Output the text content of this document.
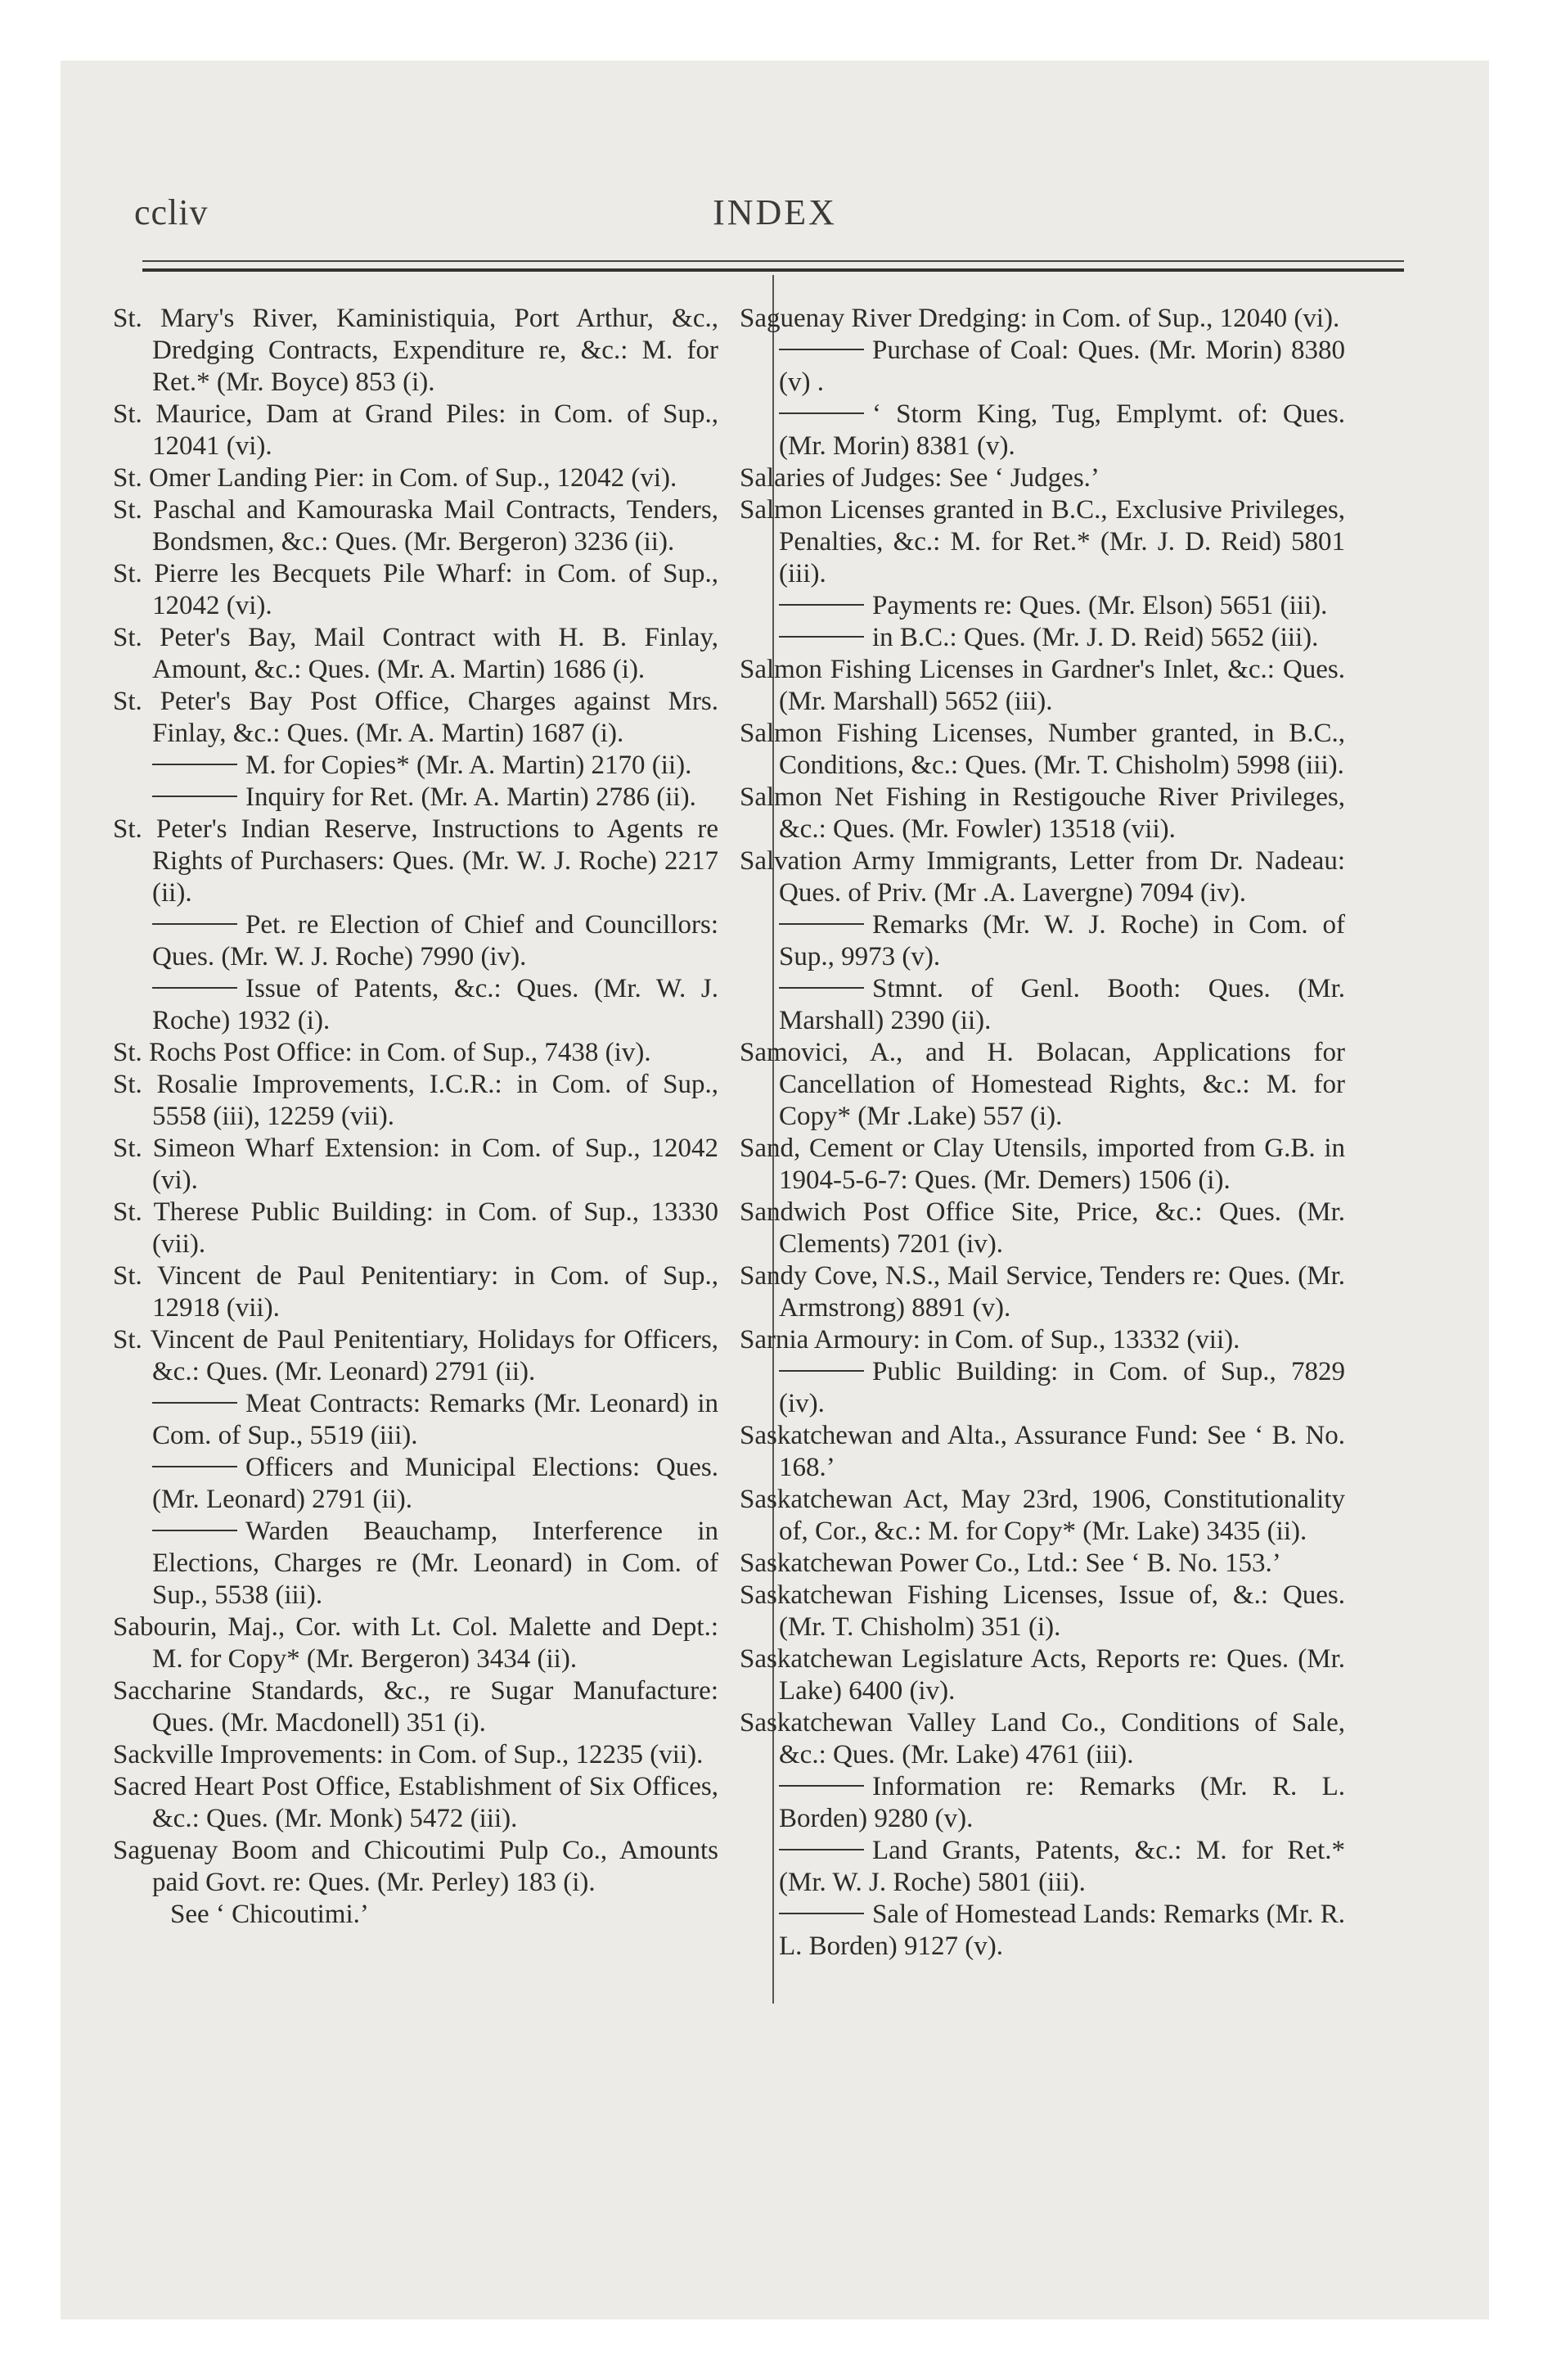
ccliv	INDEX

St. Mary's River, Kaministiquia, Port Arthur, &c., Dredging Contracts, Expenditure re, &c.: M. for Ret.* (Mr. Boyce) 853 (i).

St. Maurice, Dam at Grand Piles: in Com. of Sup., 12041 (vi).

St. Omer Landing Pier: in Com. of Sup., 12042 (vi).

St. Paschal and Kamouraska Mail Contracts, Tenders, Bondsmen, &c.: Ques. (Mr. Bergeron) 3236 (ii).

St. Pierre les Becquets Pile Wharf: in Com. of Sup., 12042 (vi).

St. Peter's Bay, Mail Contract with H. B. Finlay, Amount, &c.: Ques. (Mr. A. Martin) 1686 (i).

St. Peter's Bay Post Office, Charges against Mrs. Finlay, &c.: Ques. (Mr. A. Martin) 1687 (i).

M. for Copies* (Mr. A. Martin) 2170 (ii).

Inquiry for Ret. (Mr. A. Martin) 2786 (ii).

St. Peter's Indian Reserve, Instructions to Agents re Rights of Purchasers: Ques. (Mr. W. J. Roche) 2217 (ii).

Pet. re Election of Chief and Councillors: Ques. (Mr. W. J. Roche) 7990 (iv).

Issue of Patents, &c.: Ques. (Mr. W. J. Roche) 1932 (i).

St. Rochs Post Office: in Com. of Sup., 7438 (iv).

St. Rosalie Improvements, I.C.R.: in Com. of Sup., 5558 (iii), 12259 (vii).

St. Simeon Wharf Extension: in Com. of Sup., 12042 (vi).

St. Therese Public Building: in Com. of Sup., 13330 (vii).

St. Vincent de Paul Penitentiary: in Com. of Sup., 12918 (vii).

St. Vincent de Paul Penitentiary, Holidays for Officers, &c.: Ques. (Mr. Leonard) 2791 (ii).

Meat Contracts: Remarks (Mr. Leonard) in Com. of Sup., 5519 (iii).

Officers and Municipal Elections: Ques. (Mr. Leonard) 2791 (ii).

Warden Beauchamp, Interference in Elections, Charges re (Mr. Leonard) in Com. of Sup., 5538 (iii).

Sabourin, Maj., Cor. with Lt. Col. Malette and Dept.: M. for Copy* (Mr. Bergeron) 3434 (ii).

Saccharine Standards, &c., re Sugar Manufacture: Ques. (Mr. Macdonell) 351 (i).

Sackville Improvements: in Com. of Sup., 12235 (vii).

Sacred Heart Post Office, Establishment of Six Offices, &c.: Ques. (Mr. Monk) 5472 (iii).

Saguenay Boom and Chicoutimi Pulp Co., Amounts paid Govt. re: Ques. (Mr. Perley) 183 (i).

See ‘ Chicoutimi.’

Saguenay River Dredging: in Com. of Sup., 12040 (vi).

Purchase of Coal: Ques. (Mr. Morin) 8380 (v) .

‘ Storm King, Tug, Emplymt. of: Ques. (Mr. Morin) 8381 (v).

Salaries of Judges: See ‘ Judges.’

Salmon Licenses granted in B.C., Exclusive Privileges, Penalties, &c.: M. for Ret.* (Mr. J. D. Reid) 5801 (iii).

Payments re: Ques. (Mr. Elson) 5651 (iii).

in B.C.: Ques. (Mr. J. D. Reid) 5652 (iii).

Salmon Fishing Licenses in Gardner's Inlet, &c.: Ques. (Mr. Marshall) 5652 (iii).

Salmon Fishing Licenses, Number granted, in B.C., Conditions, &c.: Ques. (Mr. T. Chisholm) 5998 (iii).

Salmon Net Fishing in Restigouche River Privileges, &c.: Ques. (Mr. Fowler) 13518 (vii).

Salvation Army Immigrants, Letter from Dr. Nadeau: Ques. of Priv. (Mr .A. Lavergne) 7094 (iv).

Remarks (Mr. W. J. Roche) in Com. of Sup., 9973 (v).

Stmnt. of Genl. Booth: Ques. (Mr. Marshall) 2390 (ii).

Samovici, A., and H. Bolacan, Applications for Cancellation of Homestead Rights, &c.: M. for Copy* (Mr .Lake) 557 (i).

Sand, Cement or Clay Utensils, imported from G.B. in 1904-5-6-7: Ques. (Mr. Demers) 1506 (i).

Sandwich Post Office Site, Price, &c.: Ques. (Mr. Clements) 7201 (iv).

Sandy Cove, N.S., Mail Service, Tenders re: Ques. (Mr. Armstrong) 8891 (v).

Sarnia Armoury: in Com. of Sup., 13332 (vii).

Public Building: in Com. of Sup., 7829 (iv).

Saskatchewan and Alta., Assurance Fund: See ‘ B. No. 168.’

Saskatchewan Act, May 23rd, 1906, Constitutionality of, Cor., &c.: M. for Copy* (Mr. Lake) 3435 (ii).

Saskatchewan Power Co., Ltd.: See ‘ B. No. 153.’

Saskatchewan Fishing Licenses, Issue of, &.: Ques. (Mr. T. Chisholm) 351 (i).

Saskatchewan Legislature Acts, Reports re: Ques. (Mr. Lake) 6400 (iv).

Saskatchewan Valley Land Co., Conditions of Sale, &c.: Ques. (Mr. Lake) 4761 (iii).

Information re: Remarks (Mr. R. L. Borden) 9280 (v).

Land Grants, Patents, &c.: M. for Ret.* (Mr. W. J. Roche) 5801 (iii).

Sale of Homestead Lands: Remarks (Mr. R. L. Borden) 9127 (v).
